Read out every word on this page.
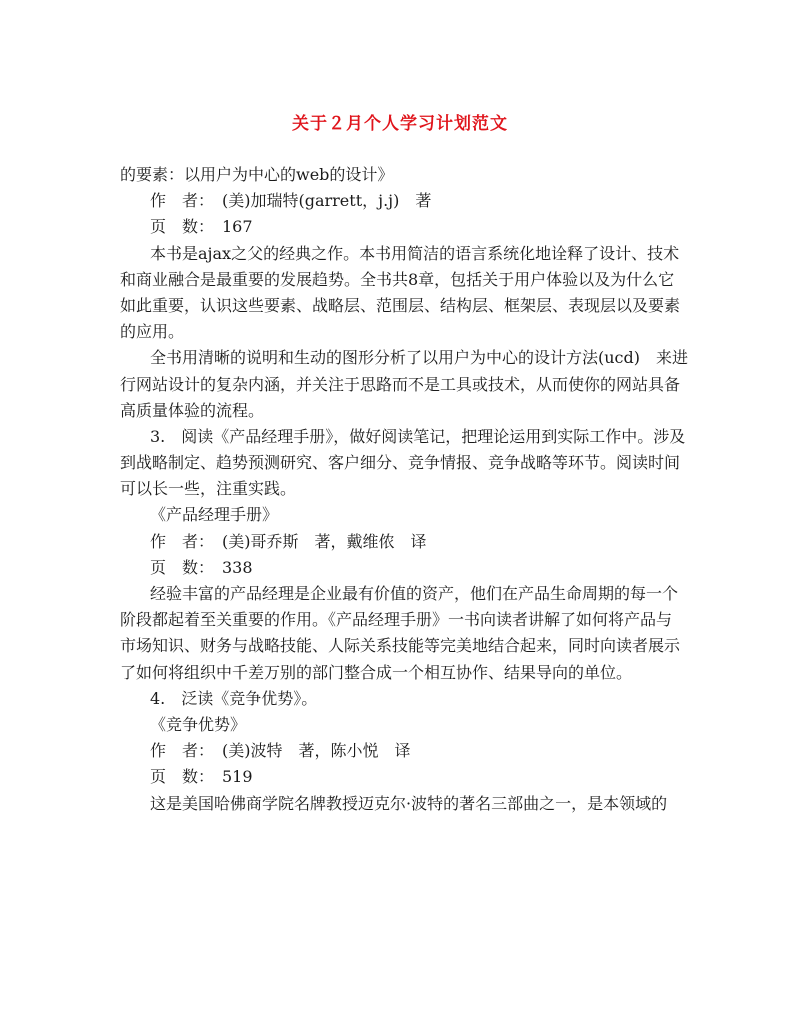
关于２月个人学习计划范文
的要素：以用户为中心的web的设计》
作　者：　(美)加瑞特(garrett，j.j)　著
页　数：　167
本书是ajax之父的经典之作。本书用简洁的语言系统化地诠释了设计、技术
和商业融合是最重要的发展趋势。全书共8章，包括关于用户体验以及为什么它
如此重要，认识这些要素、战略层、范围层、结构层、框架层、表现层以及要素
的应用。
全书用清晰的说明和生动的图形分析了以用户为中心的设计方法(ucd)　来进
行网站设计的复杂内涵，并关注于思路而不是工具或技术，从而使你的网站具备
高质量体验的流程。
3.　阅读《产品经理手册》，做好阅读笔记，把理论运用到实际工作中。涉及
到战略制定、趋势预测研究、客户细分、竞争情报、竞争战略等环节。阅读时间
可以长一些，注重实践。
《产品经理手册》
作　者：　(美)哥乔斯　著，戴维侬　译
页　数：　338
经验丰富的产品经理是企业最有价值的资产，他们在产品生命周期的每一个
阶段都起着至关重要的作用。《产品经理手册》一书向读者讲解了如何将产品与
市场知识、财务与战略技能、人际关系技能等完美地结合起来，同时向读者展示
了如何将组织中千差万别的部门整合成一个相互协作、结果导向的单位。
4.　泛读《竞争优势》。
《竞争优势》
作　者：　(美)波特　著，陈小悦　译
页　数：　519
这是美国哈佛商学院名牌教授迈克尔·波特的著名三部曲之一，是本领域的
